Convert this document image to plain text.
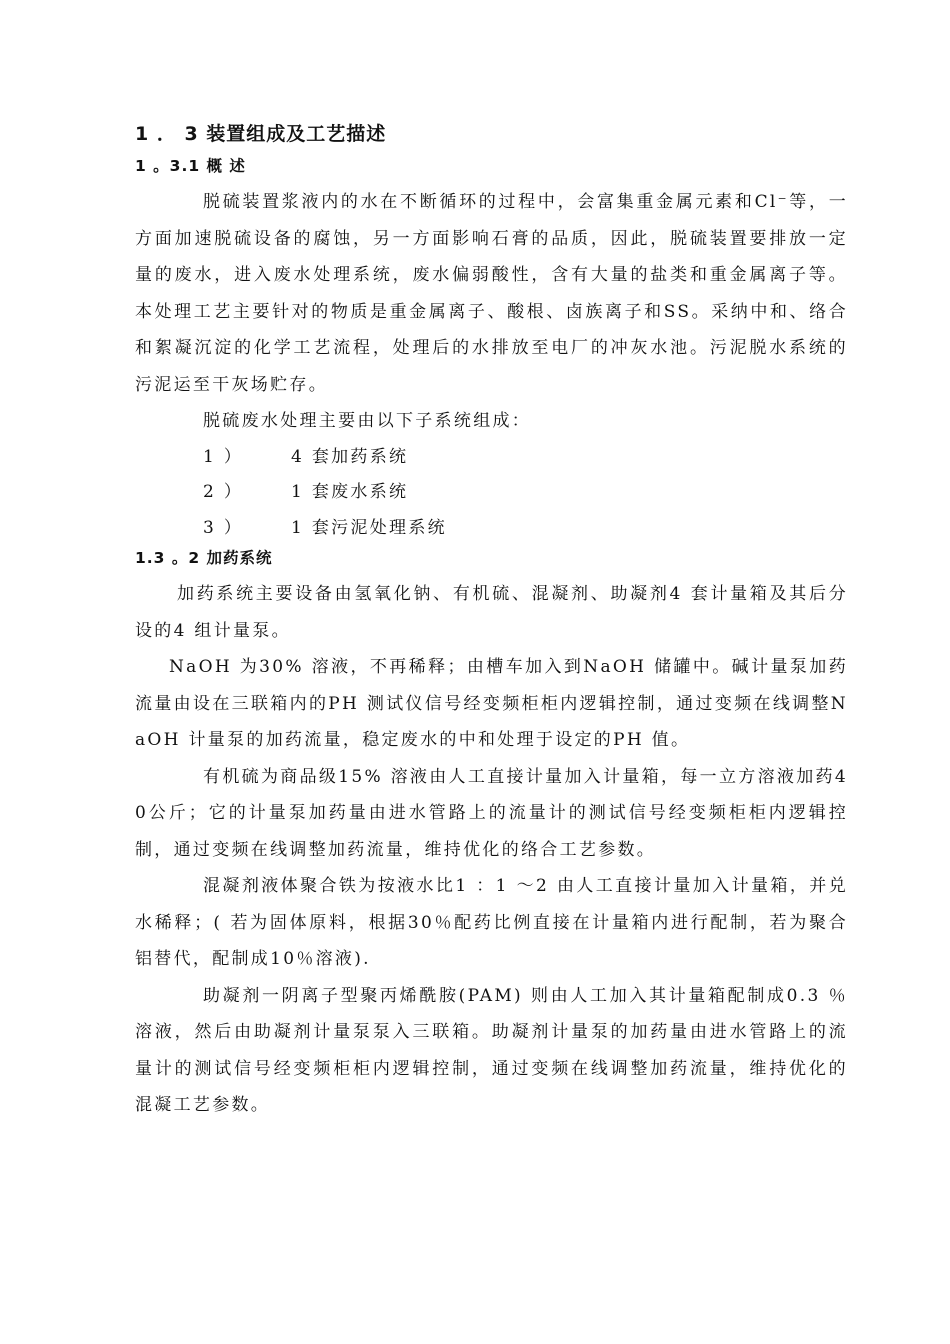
1 ． 3 装置组成及工艺描述
1 。3.1 概 述

脱硫装置浆液内的水在不断循环的过程中，会富集重金属元素和Cl⁻等，一方面加速脱硫设备的腐蚀，另一方面影响石膏的品质，因此，脱硫装置要排放一定量的废水，进入废水处理系统，废水偏弱酸性，含有大量的盐类和重金属离子等。本处理工艺主要针对的物质是重金属离子、酸根、卤族离子和SS。采纳中和、络合和絮凝沉淀的化学工艺流程，处理后的水排放至电厂的冲灰水池。污泥脱水系统的污泥运至干灰场贮存。

脱硫废水处理主要由以下子系统组成：

1 ）	4 套加药系统
2 ）	1 套废水系统
3 ）	1 套污泥处理系统
1.3 。2 加药系统

加药系统主要设备由氢氧化钠、有机硫、混凝剂、助凝剂4 套计量箱及其后分设的4 组计量泵。

NaOH 为30% 溶液，不再稀释；由槽车加入到NaOH 储罐中。碱计量泵加药流量由设在三联箱内的PH 测试仪信号经变频柜柜内逻辑控制，通过变频在线调整NaOH 计量泵的加药流量，稳定废水的中和处理于设定的PH 值。

有机硫为商品级15% 溶液由人工直接计量加入计量箱，每一立方溶液加药40公斤；它的计量泵加药量由进水管路上的流量计的测试信号经变频柜柜内逻辑控制，通过变频在线调整加药流量，维持优化的络合工艺参数。

混凝剂液体聚合铁为按液水比1 ：1 ～2 由人工直接计量加入计量箱，并兑水稀释；( 若为固体原料，根据30％配药比例直接在计量箱内进行配制，若为聚合铝替代，配制成10％溶液).

助凝剂一阴离子型聚丙烯酰胺(PAM) 则由人工加入其计量箱配制成0.3 ％溶液，然后由助凝剂计量泵泵入三联箱。助凝剂计量泵的加药量由进水管路上的流量计的测试信号经变频柜柜内逻辑控制，通过变频在线调整加药流量，维持优化的混凝工艺参数。
